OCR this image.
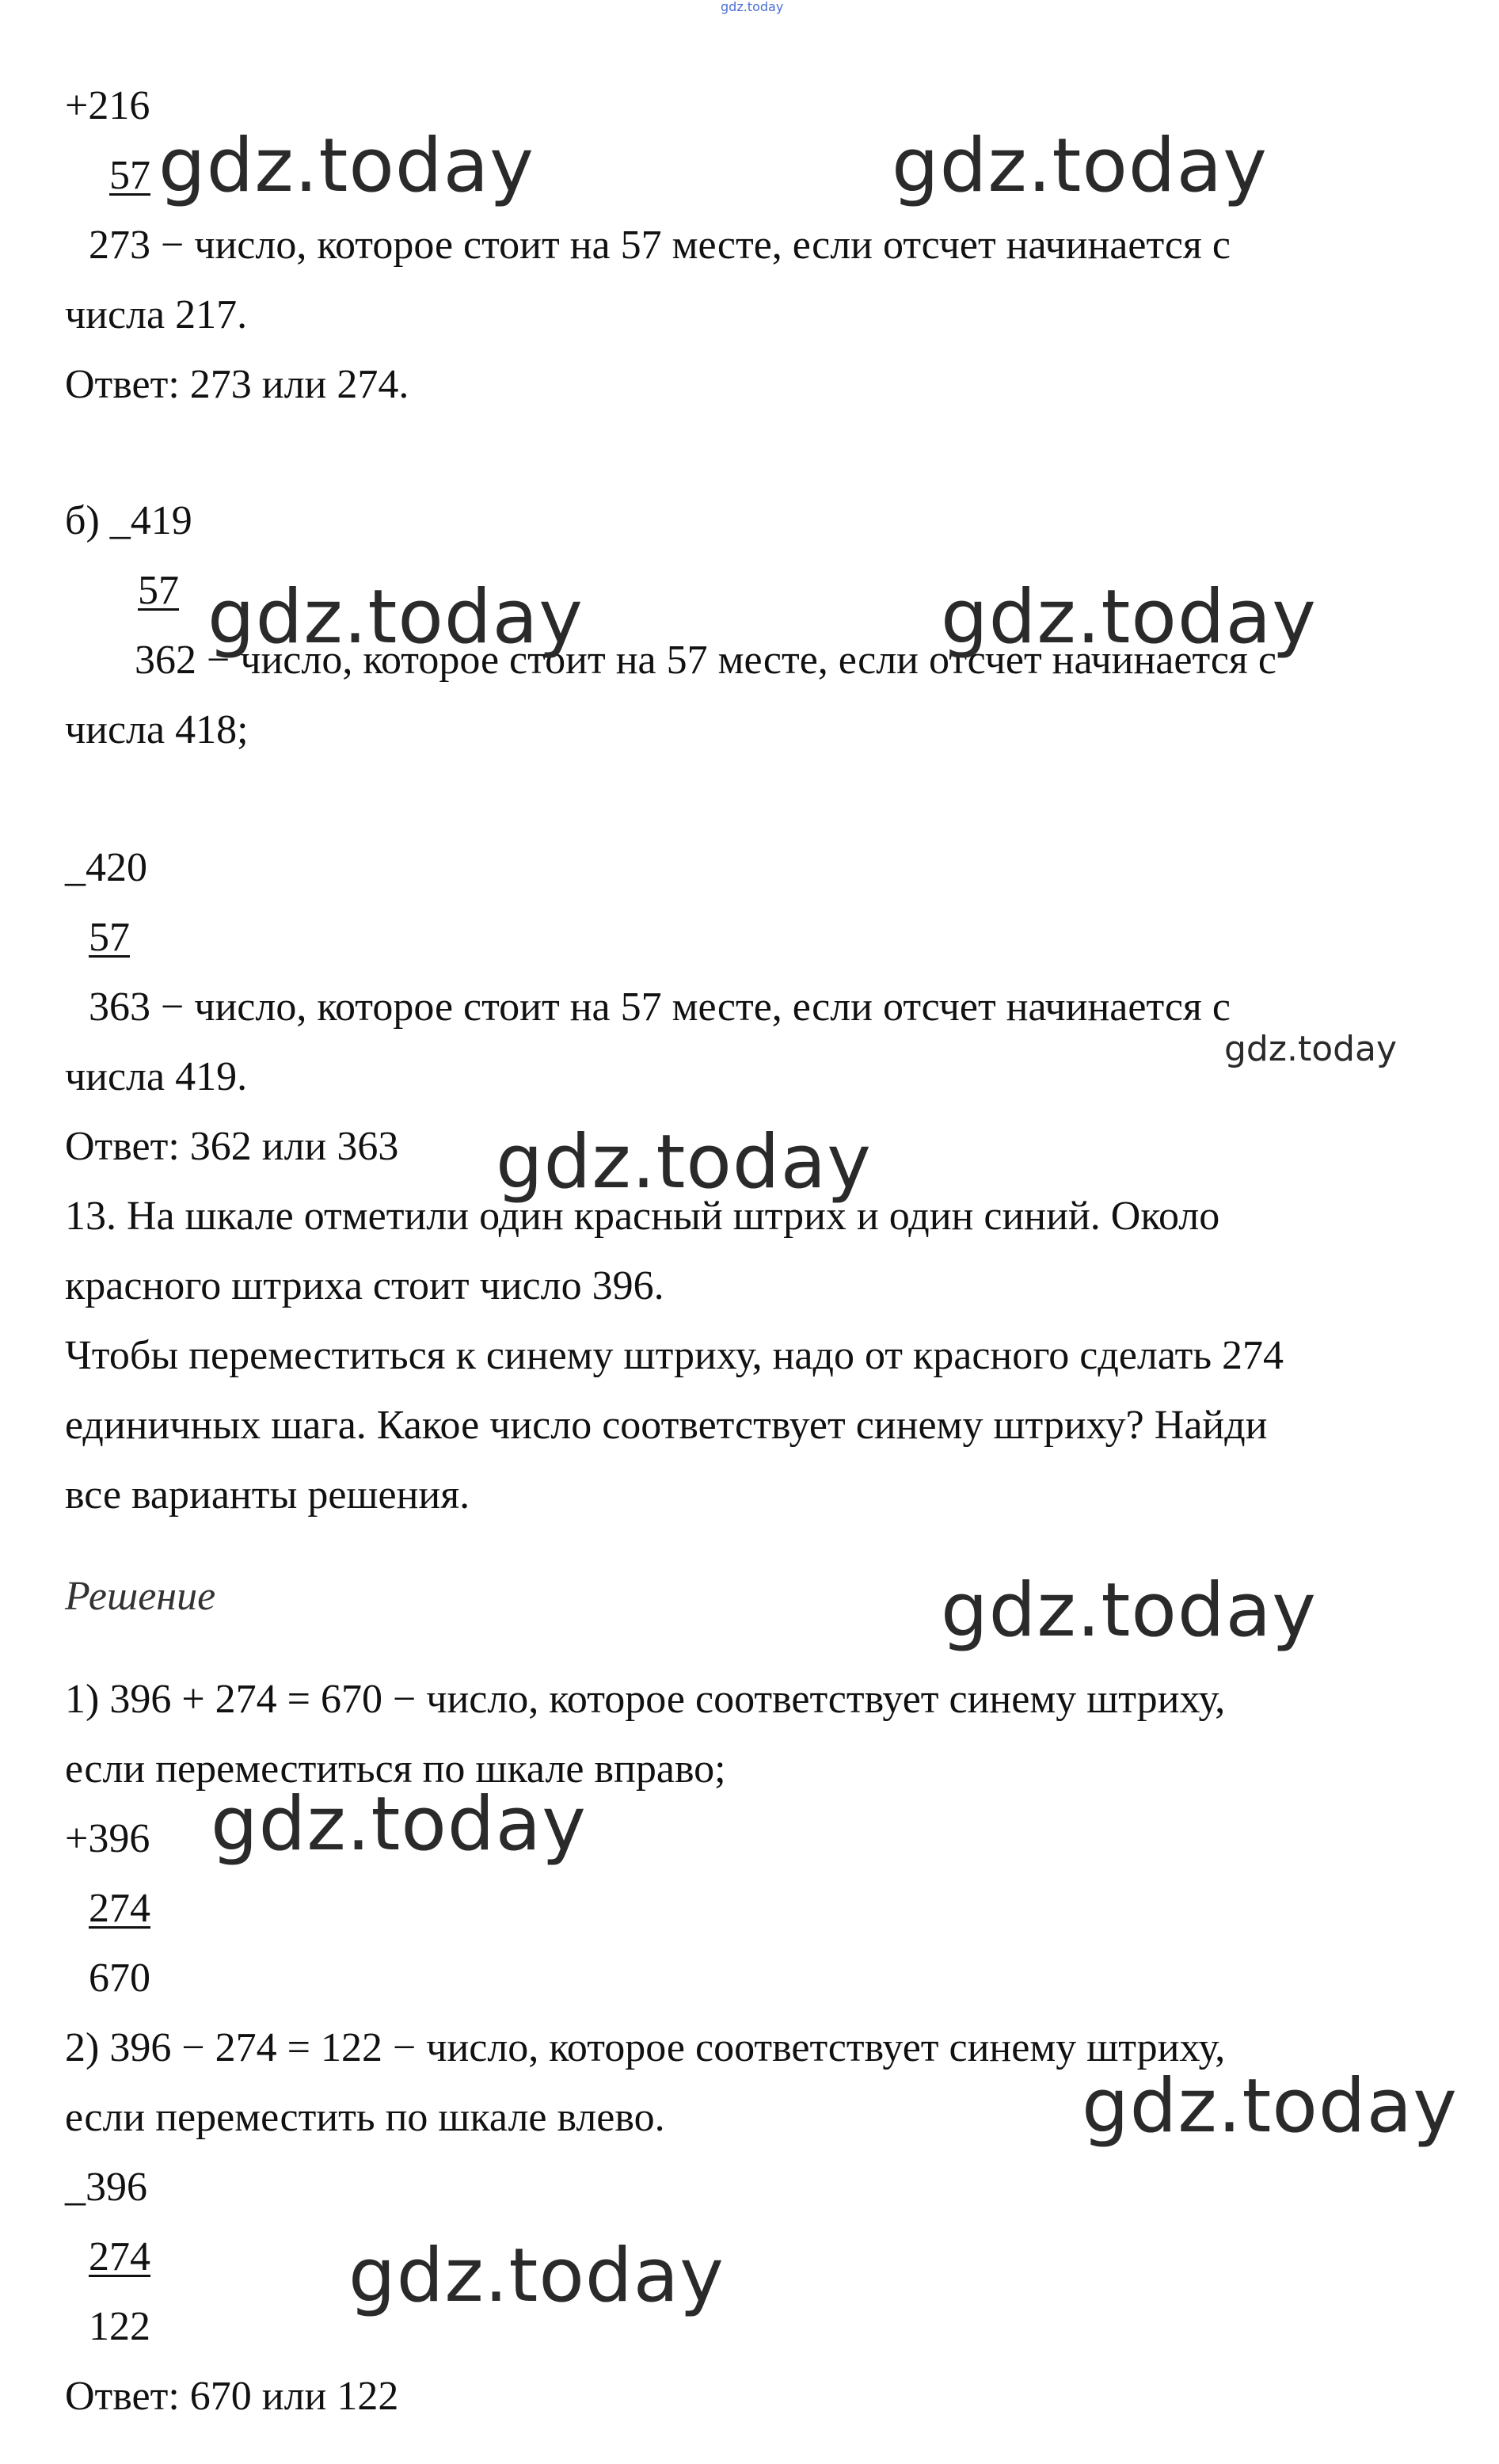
gdz.today

+216

57

273 − число, которое стоит на 57 месте, если отсчет начинается с

числа 217.

Ответ: 273 или 274.

б) _419

57

362 − число, которое стоит на 57 месте, если отсчет начинается с

числа 418;

_420

57

363 − число, которое стоит на 57 месте, если отсчет начинается с

числа 419.

Ответ: 362 или 363

13. На шкале отметили один красный штрих и один синий. Около

красного штриха стоит число 396.

Чтобы переместиться к синему штриху, надо от красного сделать 274

единичных шага. Какое число соответствует синему штриху? Найди

все варианты решения.

Решение

1) 396 + 274 = 670 − число, которое соответствует синему штриху,

если переместиться по шкале вправо;

+396

274

670

2) 396 − 274 = 122 − число, которое соответствует синему штриху,

если переместить по шкале влево.

_396

274

122

Ответ: 670 или 122

gdz.today	gdz.today
gdz.today	gdz.today
gdz.today
gdz.today
gdz.today
gdz.today
gdz.today
gdz.today
